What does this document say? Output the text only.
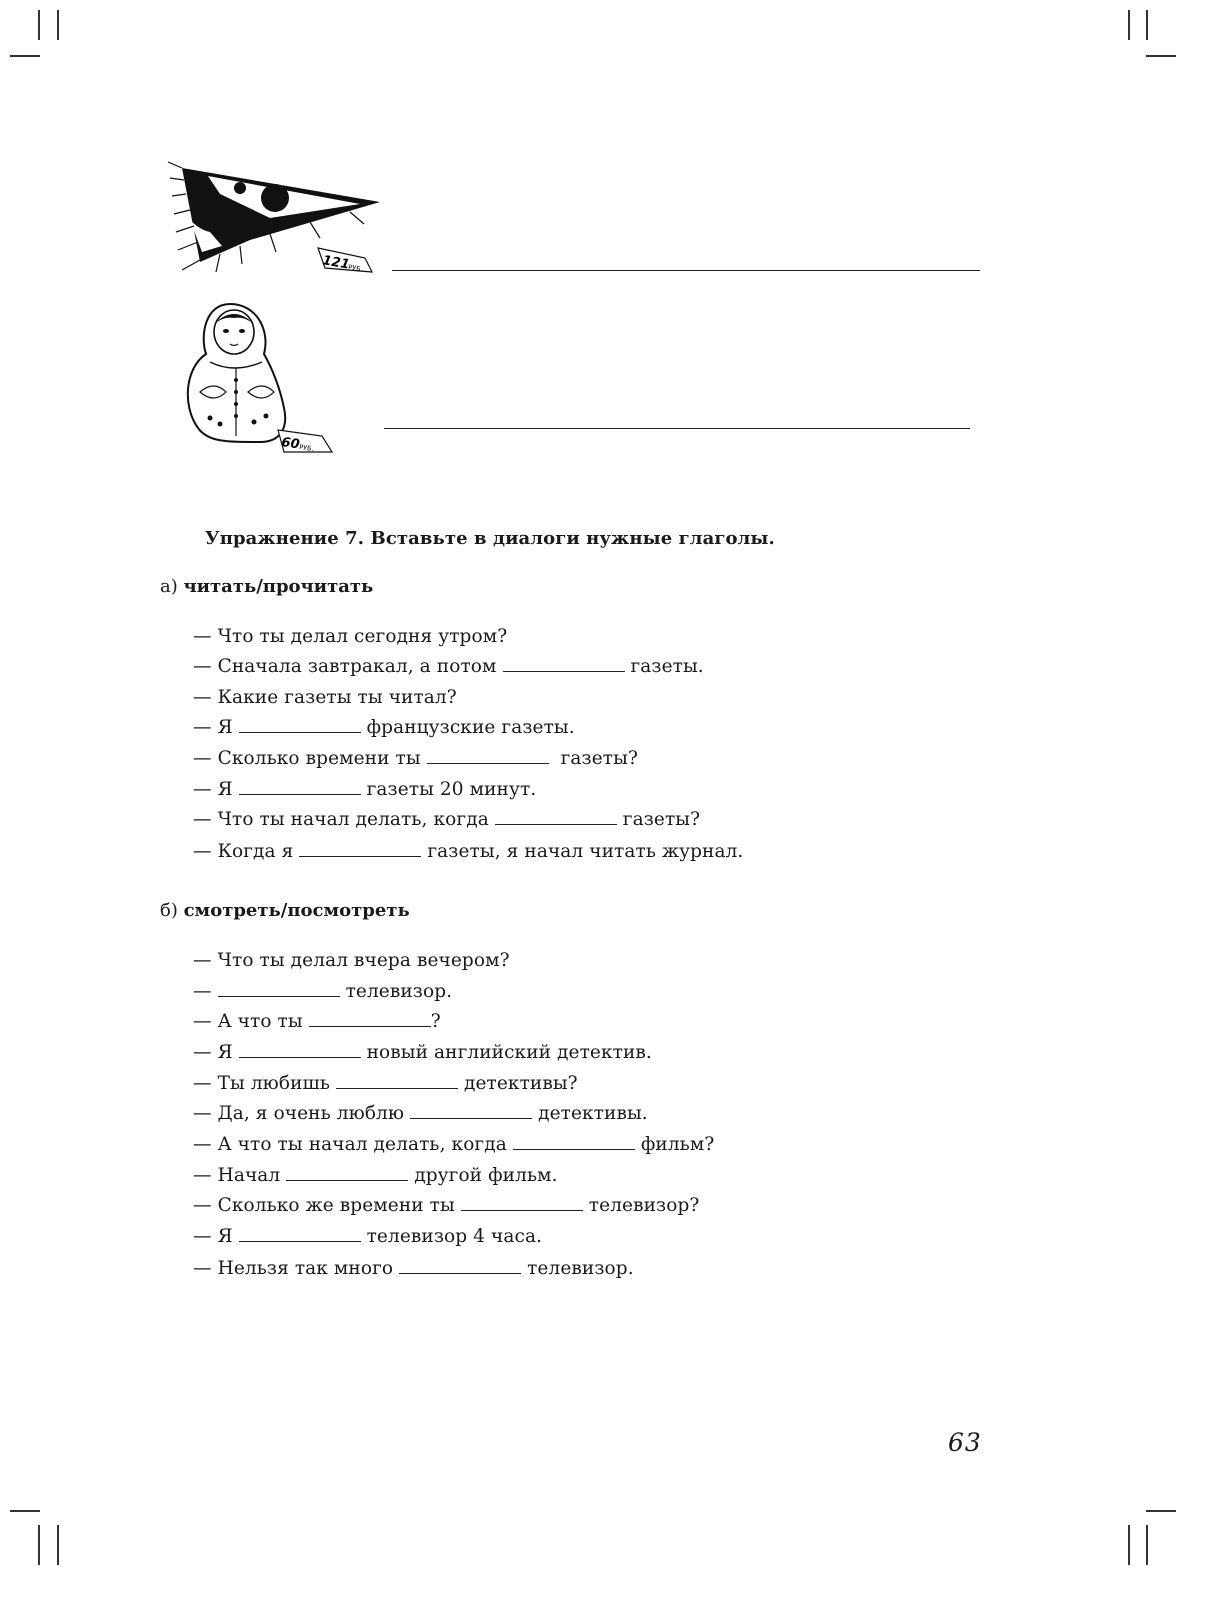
121
РУБ.
60
РУБ.
Упражнение 7. Вставьте в диалоги нужные глаголы.
а) читать/прочитать
— Что ты делал сегодня утром?
— Сначала завтракал, а потом	газеты.
— Какие газеты ты читал?
— Я	французские газеты.
— Сколько времени ты	газеты?
— Я	газеты 20 минут.
— Что ты начал делать, когда	газеты?
— Когда я	газеты, я начал читать журнал.
б) смотреть/посмотреть
— Что ты делал вчера вечером?
—	телевизор.
— А что ты	?
— Я	новый английский детектив.
— Ты любишь	детективы?
— Да, я очень люблю	детективы.
— А что ты начал делать, когда	фильм?
— Начал	другой фильм.
— Сколько же времени ты	телевизор?
— Я	телевизор 4 часа.
— Нельзя так много	телевизор.
63
